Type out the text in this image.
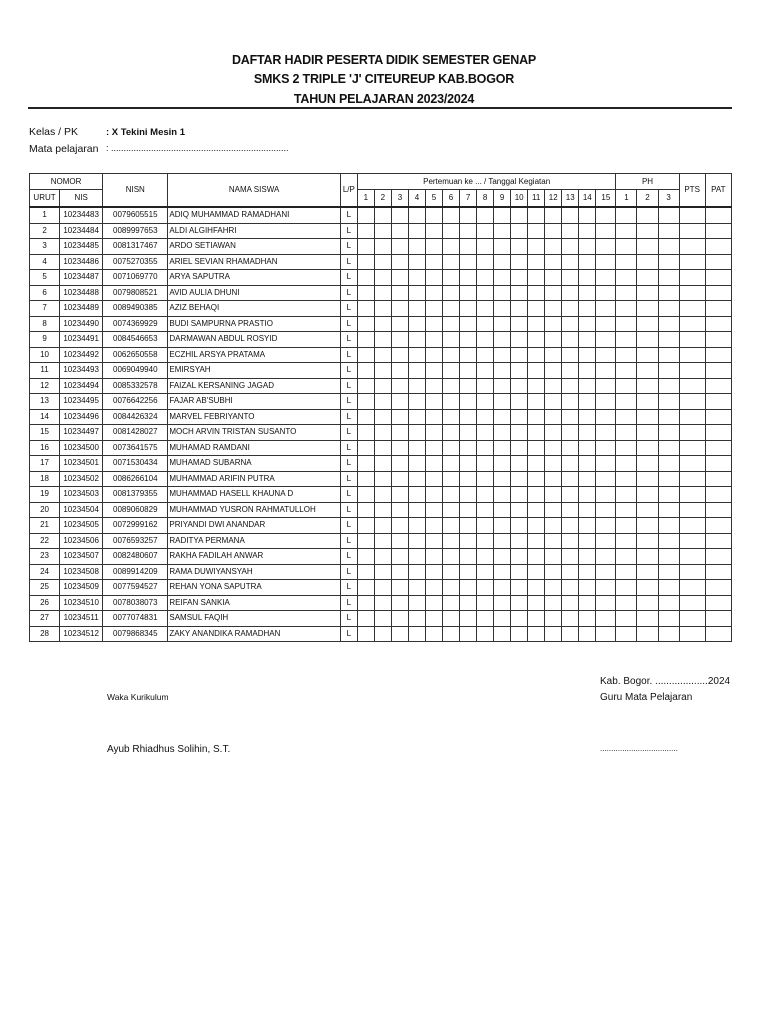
DAFTAR HADIR PESERTA DIDIK SEMESTER GENAP
SMKS 2 TRIPLE 'J' CITEUREUP KAB.BOGOR
TAHUN PELAJARAN 2023/2024
Kelas / PK	: X Tekini Mesin 1
Mata pelajaran : .......................................................................
NOMOR		NISN	NAMA SISWA	L/P	Pertemuan ke ... / Tanggal Kegiatan															PH			PTS	PAT
URUT	NIS				1	2	3	4	5	6	7	8	9	10	11	12	13	14	15	1	2	3		

1	10234483	0079605515	ADIQ MUHAMMAD RAMADHANI	L																				
2	10234484	0089997653	ALDI ALGIHFAHRI	L																				
3	10234485	0081317467	ARDO SETIAWAN	L																				
4	10234486	0075270355	ARIEL SEVIAN RHAMADHAN	L																				
5	10234487	0071069770	ARYA SAPUTRA	L																				
6	10234488	0079808521	AVID AULIA DHUNI	L																				
7	10234489	0089490385	AZIZ BEHAQI	L																				
8	10234490	0074369929	BUDI SAMPURNA PRASTIO	L																				
9	10234491	0084546653	DARMAWAN ABDUL ROSYID	L																				
10	10234492	0062650558	ECZHIL ARSYA PRATAMA	L																				
11	10234493	0069049940	EMIRSYAH	L																				
12	10234494	0085332578	FAIZAL KERSANING JAGAD	L																				
13	10234495	0076642256	FAJAR AB'SUBHI	L																				
14	10234496	0084426324	MARVEL FEBRIYANTO	L																				
15	10234497	0081428027	MOCH ARVIN TRISTAN SUSANTO	L																				
16	10234500	0073641575	MUHAMAD RAMDANI	L																				
17	10234501	0071530434	MUHAMAD SUBARNA	L																				
18	10234502	0086266104	MUHAMMAD ARIFIN PUTRA	L																				
19	10234503	0081379355	MUHAMMAD HASELL KHAUNA D	L																				
20	10234504	0089060829	MUHAMMAD YUSRON RAHMATULLOH	L																				
21	10234505	0072999162	PRIYANDI DWI ANANDAR	L																				
22	10234506	0076593257	RADITYA PERMANA	L																				
23	10234507	0082480607	RAKHA FADILAH ANWAR	L																				
24	10234508	0089914209	RAMA DUWIYANSYAH	L																				
25	10234509	0077594527	REHAN YONA SAPUTRA	L																				
26	10234510	0078038073	REIFAN SANKIA	L																				
27	10234511	0077074831	SAMSUL FAQIH	L																				
28	10234512	0079868345	ZAKY ANANDIKA RAMADHAN	L																				
Kab. Bogor. ...................2024
Guru Mata Pelajaran
Waka Kurikulum
Ayub Rhiadhus Solihin, S.T.	...................................
